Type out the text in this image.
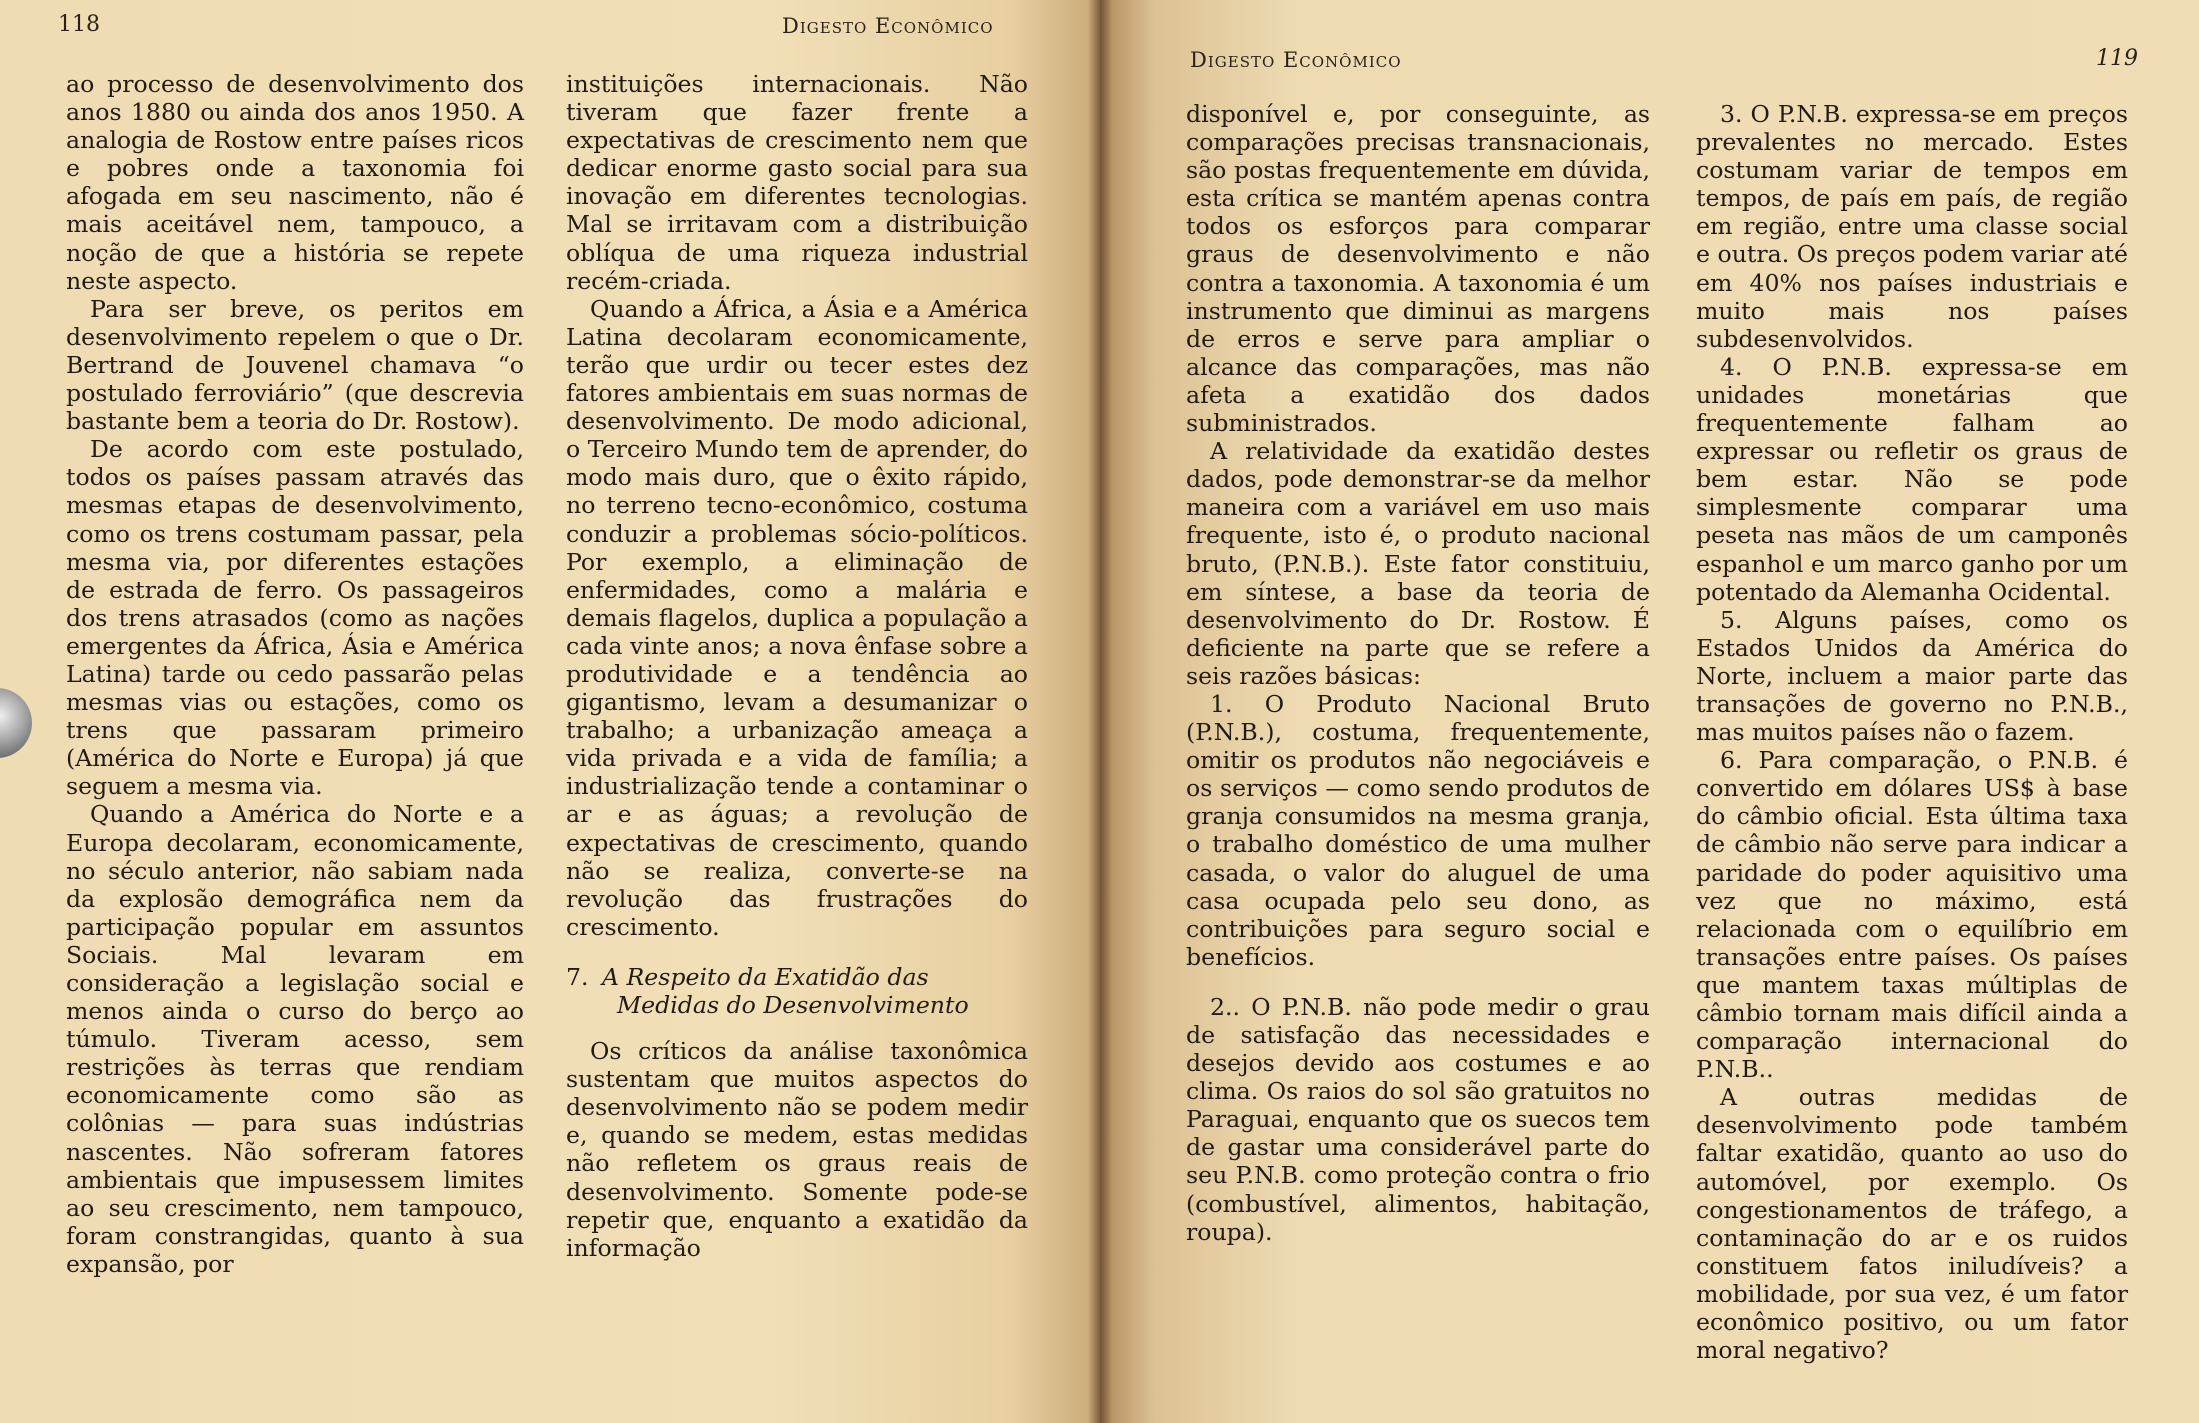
118	Digesto Econômico

ao processo de desenvolvimento dos anos 1880 ou ainda dos anos 1950. A analogia de Rostow entre países ricos e pobres onde a taxonomia foi afogada em seu nascimento, não é mais aceitável nem, tampouco, a noção de que a história se repete neste aspecto.

Para ser breve, os peritos em desenvolvimento repelem o que o Dr. Bertrand de Jouvenel chamava “o postulado ferroviário” (que descrevia bastante bem a teoria do Dr. Rostow).

De acordo com este postulado, todos os países passam através das mesmas etapas de desenvolvimento, como os trens costumam passar, pela mesma via, por diferentes estações de estrada de ferro. Os passageiros dos trens atrasados (como as nações emergentes da África, Ásia e América Latina) tarde ou cedo passarão pelas mesmas vias ou estações, como os trens que passaram primeiro (América do Norte e Europa) já que seguem a mesma via.

Quando a América do Norte e a Europa decolaram, economicamente, no século anterior, não sabiam nada da explosão demográfica nem da participação popular em assuntos Sociais. Mal levaram em consideração a legislação social e menos ainda o curso do berço ao túmulo. Tiveram acesso, sem restrições às terras que rendiam economicamente como são as colônias — para suas indústrias nascentes. Não sofreram fatores ambientais que impusessem limites ao seu crescimento, nem tampouco, foram constrangidas, quanto à sua expansão, por

instituições internacionais. Não tiveram que fazer frente a expectativas de crescimento nem que dedicar enorme gasto social para sua inovação em diferentes tecnologias. Mal se irritavam com a distribuição oblíqua de uma riqueza industrial recém-criada.

Quando a África, a Ásia e a América Latina decolaram economicamente, terão que urdir ou tecer estes dez fatores ambientais em suas normas de desenvolvimento. De modo adicional, o Terceiro Mundo tem de aprender, do modo mais duro, que o êxito rápido, no terreno tecno-econômico, costuma conduzir a problemas sócio-políticos. Por exemplo, a eliminação de enfermidades, como a malária e demais flagelos, duplica a população a cada vinte anos; a nova ênfase sobre a produtividade e a tendência ao gigantismo, levam a desumanizar o trabalho; a urbanização ameaça a vida privada e a vida de família; a industrialização tende a contaminar o ar e as águas; a revolução de expectativas de crescimento, quando não se realiza, converte-se na revolução das frustrações do crescimento.

7. A Respeito da Exatidão das
Medidas do Desenvolvimento

Os críticos da análise taxonômica sustentam que muitos aspectos do desenvolvimento não se podem medir e, quando se medem, estas medidas não refletem os graus reais de desenvolvimento. Somente pode-se repetir que, enquanto a exatidão da informação

Digesto Econômico	119

disponível e, por conseguinte, as comparações precisas transnacionais, são postas frequentemente em dúvida, esta crítica se mantém apenas contra todos os esforços para comparar graus de desenvolvimento e não contra a taxonomia. A taxonomia é um instrumento que diminui as margens de erros e serve para ampliar o alcance das comparações, mas não afeta a exatidão dos dados subministrados.

A relatividade da exatidão destes dados, pode demonstrar-se da melhor maneira com a variável em uso mais frequente, isto é, o produto nacional bruto, (P.N.B.). Este fator constituiu, em síntese, a base da teoria de desenvolvimento do Dr. Rostow. É deficiente na parte que se refere a seis razões básicas:

1. O Produto Nacional Bruto (P.N.B.), costuma, frequentemente, omitir os produtos não negociáveis e os serviços — como sendo produtos de granja consumidos na mesma granja, o trabalho doméstico de uma mulher casada, o valor do aluguel de uma casa ocupada pelo seu dono, as contribuições para seguro social e benefícios.

2.. O P.N.B. não pode medir o grau de satisfação das necessidades e desejos devido aos costumes e ao clima. Os raios do sol são gratuitos no Paraguai, enquanto que os suecos tem de gastar uma considerável parte do seu P.N.B. como proteção contra o frio (combustível, alimentos, habitação, roupa).

3. O P.N.B. expressa-se em preços prevalentes no mercado. Estes costumam variar de tempos em tempos, de país em país, de região em região, entre uma classe social e outra. Os preços podem variar até em 40% nos países industriais e muito mais nos países subdesenvolvidos.

4. O P.N.B. expressa-se em unidades monetárias que frequentemente falham ao expressar ou refletir os graus de bem estar. Não se pode simplesmente comparar uma peseta nas mãos de um camponês espanhol e um marco ganho por um potentado da Alemanha Ocidental.

5. Alguns países, como os Estados Unidos da América do Norte, incluem a maior parte das transações de governo no P.N.B., mas muitos países não o fazem.

6. Para comparação, o P.N.B. é convertido em dólares US$ à base do câmbio oficial. Esta última taxa de câmbio não serve para indicar a paridade do poder aquisitivo uma vez que no máximo, está relacionada com o equilíbrio em transações entre países. Os países que mantem taxas múltiplas de câmbio tornam mais difícil ainda a comparação internacional do P.N.B..

A outras medidas de desenvolvimento pode também faltar exatidão, quanto ao uso do automóvel, por exemplo. Os congestionamentos de tráfego, a contaminação do ar e os ruidos constituem fatos iniludíveis? a mobilidade, por sua vez, é um fator econômico positivo, ou um fator moral negativo?
